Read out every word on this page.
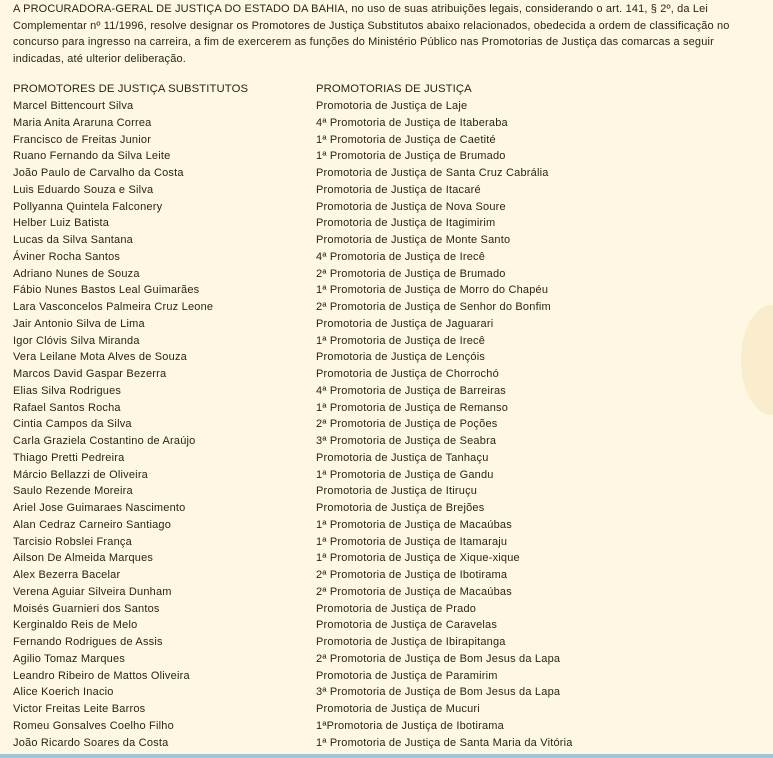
A PROCURADORA-GERAL DE JUSTIÇA DO ESTADO DA BAHIA, no uso de suas atribuições legais, considerando o art. 141, § 2º, da Lei Complementar nº 11/1996, resolve designar os Promotores de Justiça Substitutos abaixo relacionados, obedecida a ordem de classificação no concurso para ingresso na carreira, a fim de exercerem as funções do Ministério Público nas Promotorias de Justiça das comarcas a seguir indicadas, até ulterior deliberação.
PROMOTORES DE JUSTIÇA SUBSTITUTOS	PROMOTORIAS DE JUSTIÇA
Marcel Bittencourt Silva	Promotoria de Justiça de Laje
Maria Anita Araruna Correa	4ª Promotoria de Justiça de Itaberaba
Francisco de Freitas Junior	1ª Promotoria de Justiça de Caetité
Ruano Fernando da Silva Leite	1ª Promotoria de Justiça de Brumado
João Paulo de Carvalho da Costa	Promotoria de Justiça de Santa Cruz Cabrália
Luis Eduardo Souza e Silva	Promotoria de Justiça de Itacaré
Pollyanna Quintela Falconery	Promotoria de Justiça de Nova Soure
Helber Luiz Batista	Promotoria de Justiça de Itagimirim
Lucas da Silva Santana	Promotoria de Justiça de Monte Santo
Áviner Rocha Santos	4ª Promotoria de Justiça de Irecê
Adriano Nunes de Souza	2ª Promotoria de Justiça de Brumado
Fábio Nunes Bastos Leal Guimarães	1ª Promotoria de Justiça de Morro do Chapéu
Lara Vasconcelos Palmeira Cruz Leone	2ª Promotoria de Justiça de Senhor do Bonfim
Jair Antonio Silva de Lima	Promotoria de Justiça de Jaguarari
Igor Clóvis Silva Miranda	1ª Promotoria de Justiça de Irecê
Vera Leilane Mota Alves de Souza	Promotoria de Justiça de Lençóis
Marcos David Gaspar Bezerra	Promotoria de Justiça de Chorrochó
Elias Silva Rodrigues	4ª Promotoria de Justiça de Barreiras
Rafael Santos Rocha	1ª Promotoria de Justiça de Remanso
Cintia Campos da Silva	2ª Promotoria de Justiça de Poções
Carla Graziela Costantino de Araújo	3ª Promotoria de Justiça de Seabra
Thiago Pretti Pedreira	Promotoria de Justiça de Tanhaçu
Márcio Bellazzi de Oliveira	1ª Promotoria de Justiça de Gandu
Saulo Rezende Moreira	Promotoria de Justiça de Itiruçu
Ariel Jose Guimaraes Nascimento	Promotoria de Justiça de Brejões
Alan Cedraz Carneiro Santiago	1ª Promotoria de Justiça de Macaúbas
Tarcisio Robslei França	1ª Promotoria de Justiça de Itamaraju
Ailson De Almeida Marques	1ª Promotoria de Justiça de Xique-xique
Alex Bezerra Bacelar	2ª Promotoria de Justiça de Ibotirama
Verena Aguiar Silveira Dunham	2ª Promotoria de Justiça de Macaúbas
Moisés Guarnieri dos Santos	Promotoria de Justiça de Prado
Kerginaldo Reis de Melo	Promotoria de Justiça de Caravelas
Fernando Rodrigues de Assis	Promotoria de Justiça de Ibirapitanga
Agilio Tomaz Marques	2ª Promotoria de Justiça de Bom Jesus da Lapa
Leandro Ribeiro de Mattos Oliveira	Promotoria de Justiça de Paramirim
Alice Koerich Inacio	3ª Promotoria de Justiça de Bom Jesus da Lapa
Victor Freitas Leite Barros	Promotoria de Justiça de Mucuri
Romeu Gonsalves Coelho Filho	1ªPromotoria de Justiça de Ibotirama
João Ricardo Soares da Costa	1ª Promotoria de Justiça de Santa Maria da Vitória
